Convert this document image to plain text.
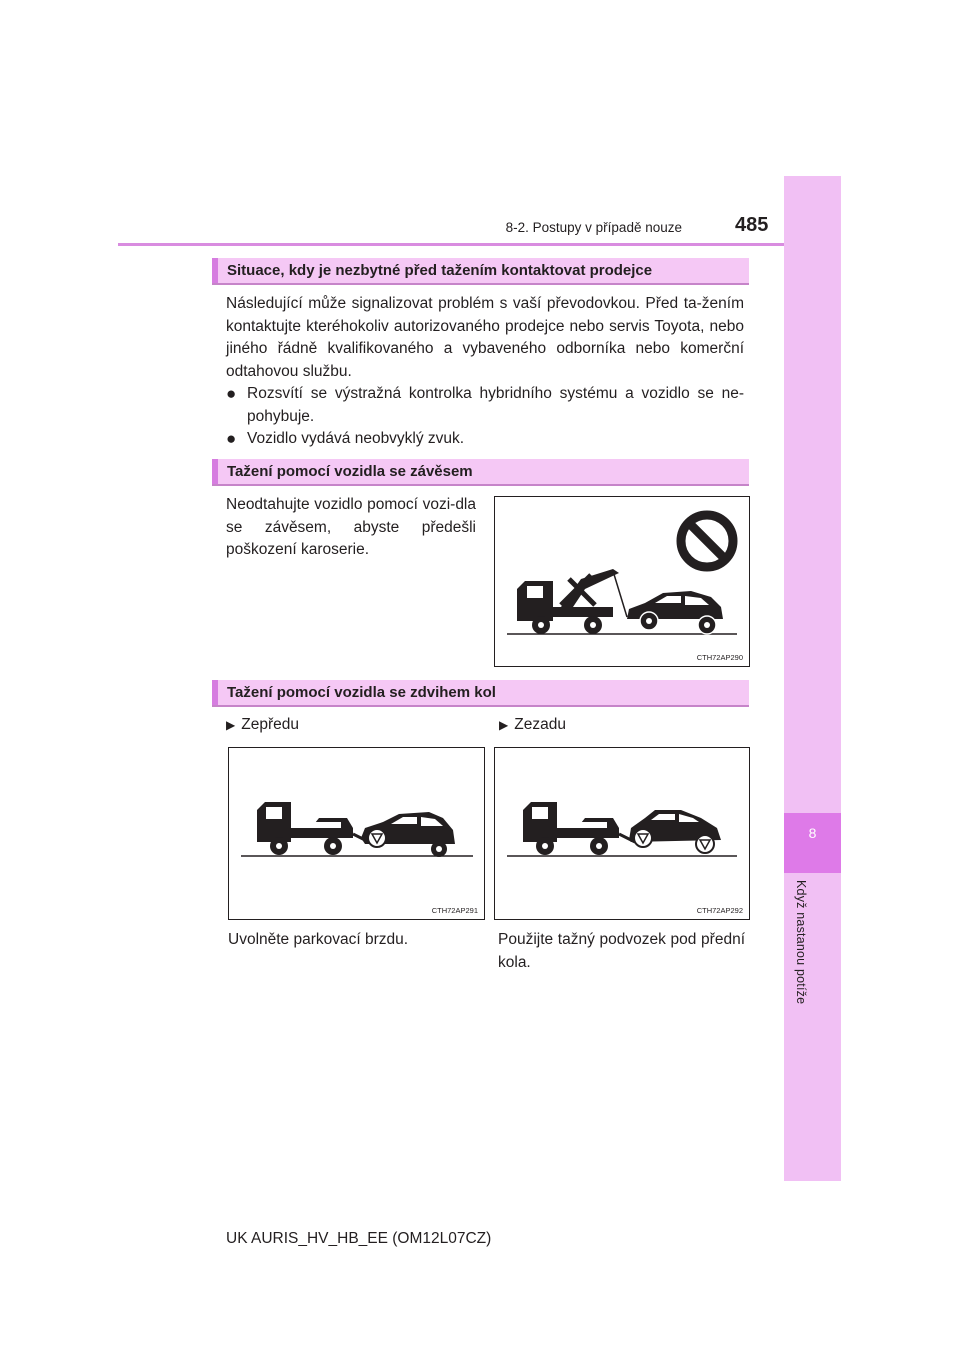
8
Když nastanou potíže
8-2. Postupy v případě nouze	485
Situace, kdy je nezbytné před tažením kontaktovat prodejce
Následující může signalizovat problém s vaší převodovkou. Před ta-žením kontaktujte kteréhokoliv autorizovaného prodejce nebo servis Toyota, nebo jiného řádně kvalifikovaného a vybaveného odborníka nebo komerční odtahovou službu.
● Rozsvítí se výstražná kontrolka hybridního systému a vozidlo se ne-pohybuje.
● Vozidlo vydává neobvyklý zvuk.
Tažení pomocí vozidla se závěsem
Neodtahujte vozidlo pomocí vozi-dla se závěsem, abyste předešli poškození karoserie.
CTH72AP290
Tažení pomocí vozidla se zdvihem kol
▶ Zepředu	▶ Zezadu
CTH72AP291	CTH72AP292
Uvolněte parkovací brzdu.	Použijte tažný podvozek pod přední kola.
UK AURIS_HV_HB_EE (OM12L07CZ)
